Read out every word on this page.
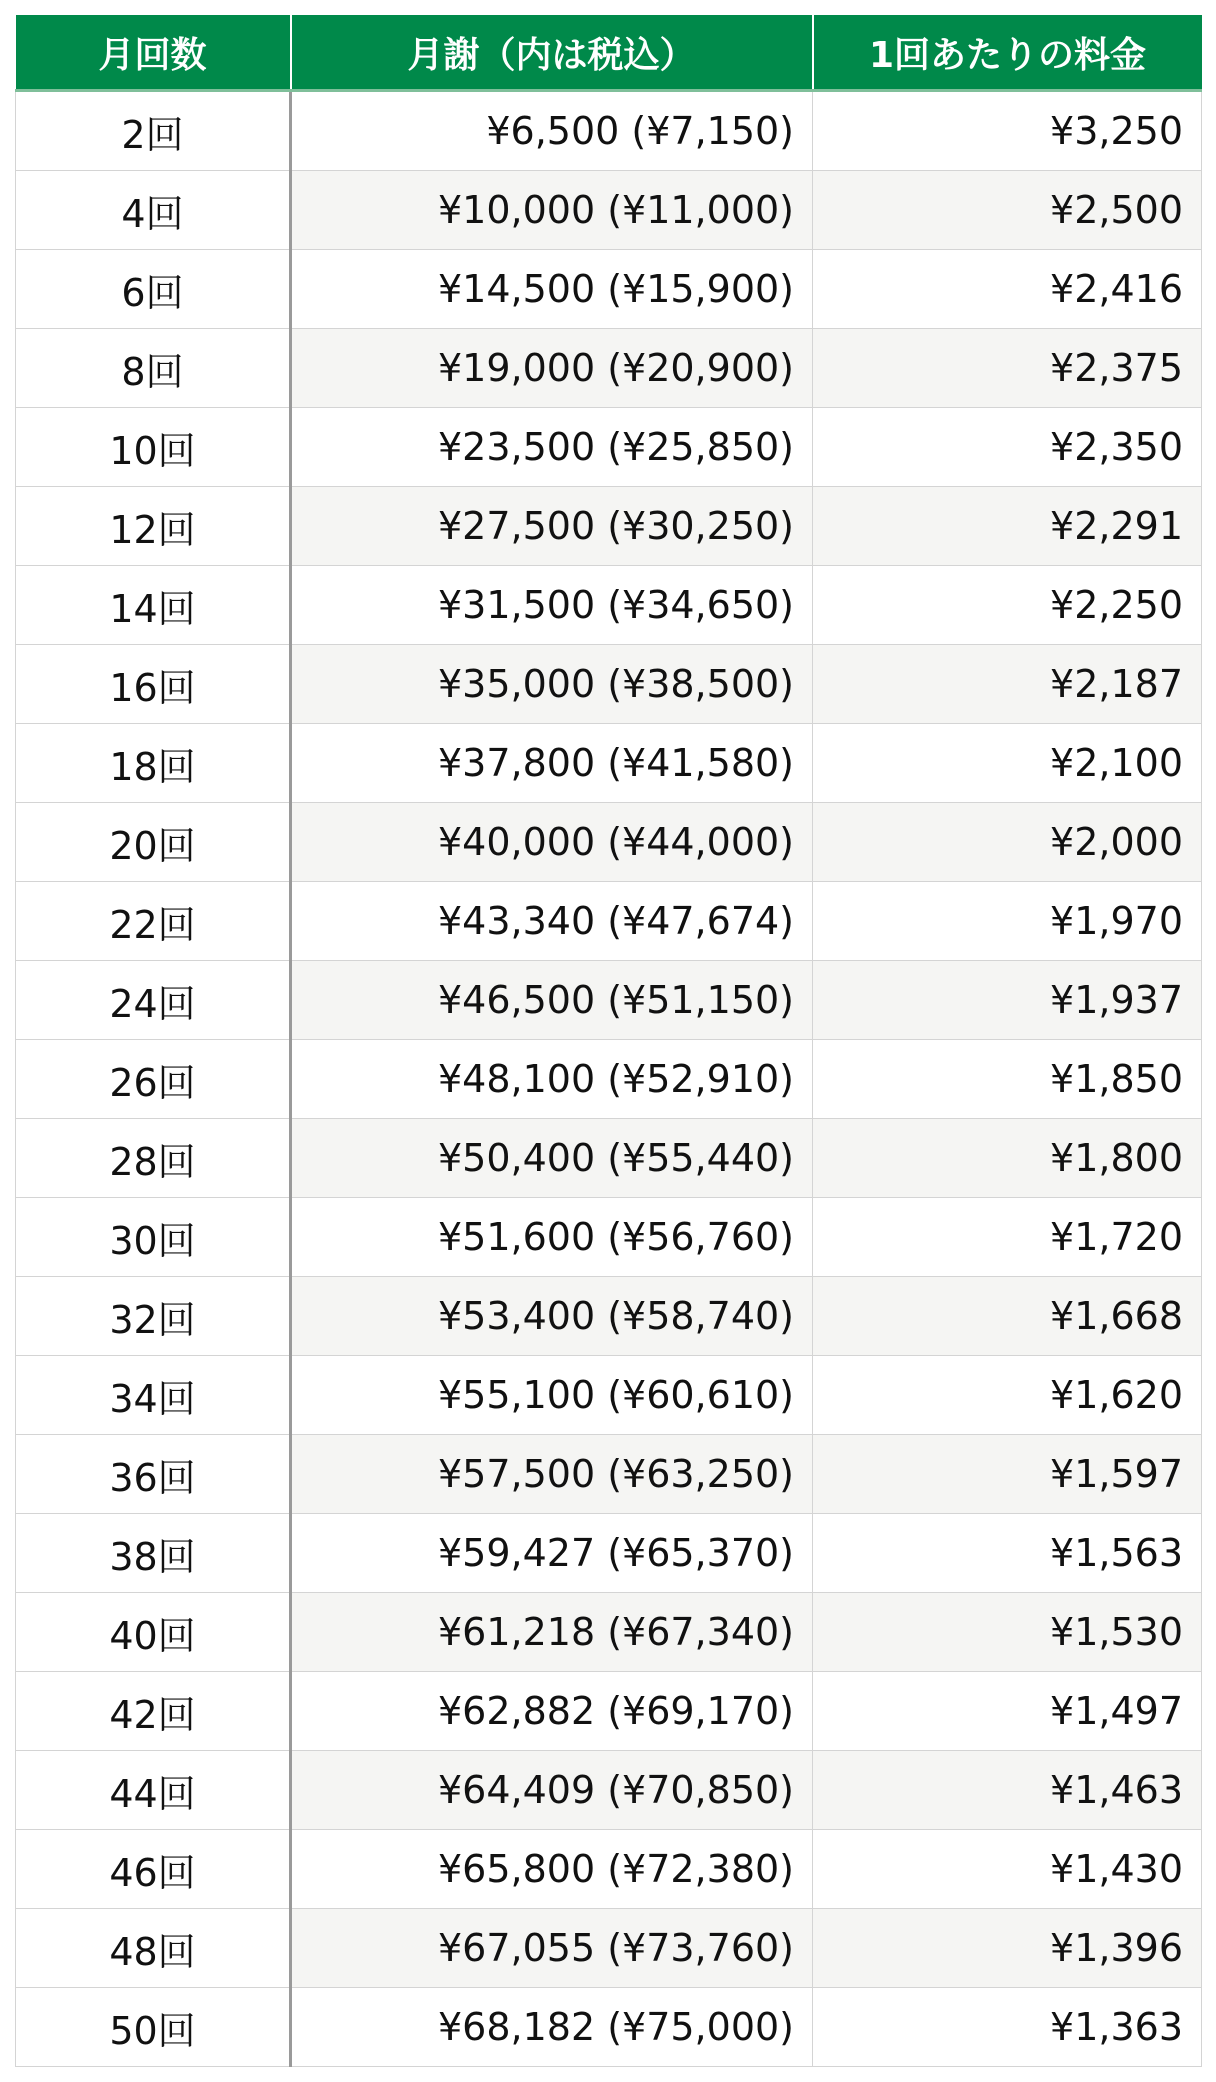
月回数	月謝（内は税込）	1回あたりの料金
2回	¥6,500 (¥7,150)	¥3,250
4回	¥10,000 (¥11,000)	¥2,500
6回	¥14,500 (¥15,900)	¥2,416
8回	¥19,000 (¥20,900)	¥2,375
10回	¥23,500 (¥25,850)	¥2,350
12回	¥27,500 (¥30,250)	¥2,291
14回	¥31,500 (¥34,650)	¥2,250
16回	¥35,000 (¥38,500)	¥2,187
18回	¥37,800 (¥41,580)	¥2,100
20回	¥40,000 (¥44,000)	¥2,000
22回	¥43,340 (¥47,674)	¥1,970
24回	¥46,500 (¥51,150)	¥1,937
26回	¥48,100 (¥52,910)	¥1,850
28回	¥50,400 (¥55,440)	¥1,800
30回	¥51,600 (¥56,760)	¥1,720
32回	¥53,400 (¥58,740)	¥1,668
34回	¥55,100 (¥60,610)	¥1,620
36回	¥57,500 (¥63,250)	¥1,597
38回	¥59,427 (¥65,370)	¥1,563
40回	¥61,218 (¥67,340)	¥1,530
42回	¥62,882 (¥69,170)	¥1,497
44回	¥64,409 (¥70,850)	¥1,463
46回	¥65,800 (¥72,380)	¥1,430
48回	¥67,055 (¥73,760)	¥1,396
50回	¥68,182 (¥75,000)	¥1,363
